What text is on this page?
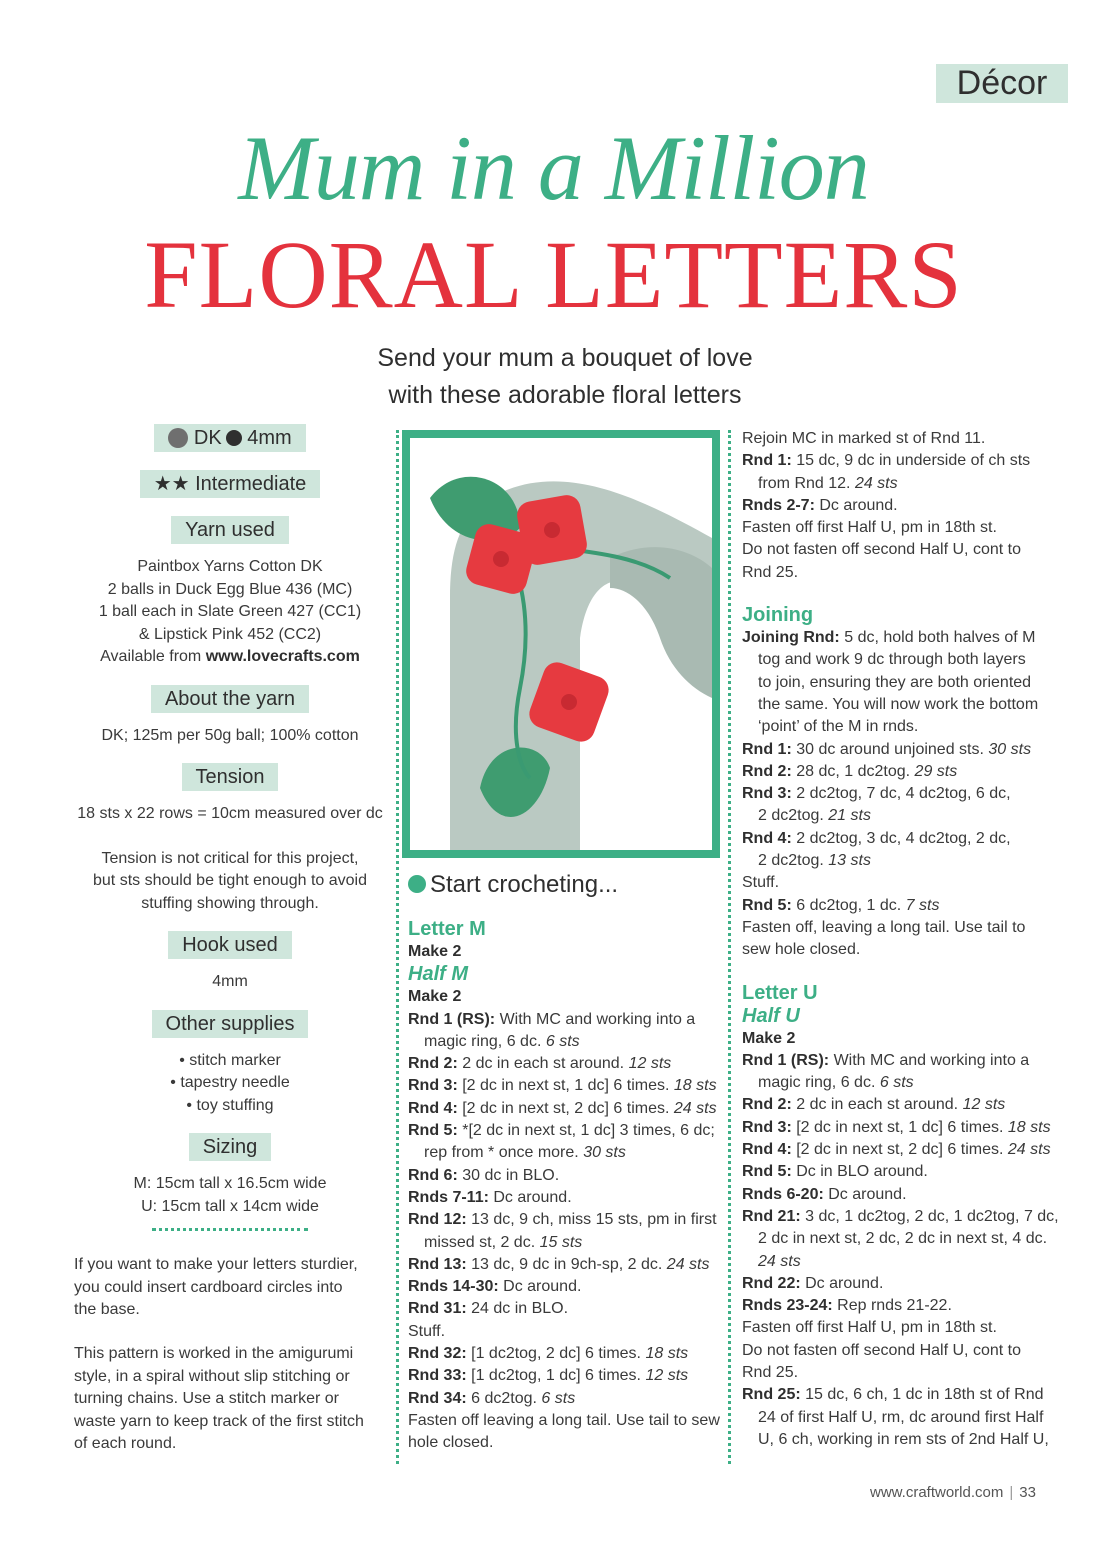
Décor
Mum in a Million
FLORAL LETTERS
Send your mum a bouquet of love
with these adorable floral letters
DK 4mm
★★ Intermediate
Yarn used
Paintbox Yarns Cotton DK
2 balls in Duck Egg Blue 436 (MC)
1 ball each in Slate Green 427 (CC1)
& Lipstick Pink 452 (CC2)
Available from www.lovecrafts.com
About the yarn
DK; 125m per 50g ball; 100% cotton
Tension
18 sts x 22 rows = 10cm measured over dc
Tension is not critical for this project,
but sts should be tight enough to avoid
stuffing showing through.
Hook used
4mm
Other supplies
• stitch marker
• tapestry needle
• toy stuffing
Sizing
M: 15cm tall x 16.5cm wide
U: 15cm tall x 14cm wide
If you want to make your letters sturdier,
you could insert cardboard circles into
the base.
This pattern is worked in the amigurumi
style, in a spiral without slip stitching or
turning chains. Use a stitch marker or
waste yarn to keep track of the first stitch
of each round.
Start crocheting...

Letter M

Make 2

Half M

Make 2

Rnd 1 (RS): With MC and working into a

magic ring, 6 dc. 6 sts

Rnd 2: 2 dc in each st around. 12 sts

Rnd 3: [2 dc in next st, 1 dc] 6 times. 18 sts

Rnd 4: [2 dc in next st, 2 dc] 6 times. 24 sts

Rnd 5: *[2 dc in next st, 1 dc] 3 times, 6 dc;

rep from * once more. 30 sts

Rnd 6: 30 dc in BLO.

Rnds 7-11: Dc around.

Rnd 12: 13 dc, 9 ch, miss 15 sts, pm in first

missed st, 2 dc. 15 sts

Rnd 13: 13 dc, 9 dc in 9ch-sp, 2 dc. 24 sts

Rnds 14-30: Dc around.

Rnd 31: 24 dc in BLO.

Stuff.

Rnd 32: [1 dc2tog, 2 dc] 6 times. 18 sts

Rnd 33: [1 dc2tog, 1 dc] 6 times. 12 sts

Rnd 34: 6 dc2tog. 6 sts

Fasten off leaving a long tail. Use tail to sew

hole closed.

Rejoin MC in marked st of Rnd 11.

Rnd 1: 15 dc, 9 dc in underside of ch sts

from Rnd 12. 24 sts

Rnds 2-7: Dc around.

Fasten off first Half U, pm in 18th st.

Do not fasten off second Half U, cont to

Rnd 25.

Joining

Joining Rnd: 5 dc, hold both halves of M

tog and work 9 dc through both layers

to join, ensuring they are both oriented

the same. You will now work the bottom

‘point’ of the M in rnds.

Rnd 1: 30 dc around unjoined sts. 30 sts

Rnd 2: 28 dc, 1 dc2tog. 29 sts

Rnd 3: 2 dc2tog, 7 dc, 4 dc2tog, 6 dc,

2 dc2tog. 21 sts

Rnd 4: 2 dc2tog, 3 dc, 4 dc2tog, 2 dc,

2 dc2tog. 13 sts

Stuff.

Rnd 5: 6 dc2tog, 1 dc. 7 sts

Fasten off, leaving a long tail. Use tail to

sew hole closed.

Letter U

Half U

Make 2

Rnd 1 (RS): With MC and working into a

magic ring, 6 dc. 6 sts

Rnd 2: 2 dc in each st around. 12 sts

Rnd 3: [2 dc in next st, 1 dc] 6 times. 18 sts

Rnd 4: [2 dc in next st, 2 dc] 6 times. 24 sts

Rnd 5: Dc in BLO around.

Rnds 6-20: Dc around.

Rnd 21: 3 dc, 1 dc2tog, 2 dc, 1 dc2tog, 7 dc,

2 dc in next st, 2 dc, 2 dc in next st, 4 dc.

24 sts

Rnd 22: Dc around.

Rnds 23-24: Rep rnds 21-22.

Fasten off first Half U, pm in 18th st.

Do not fasten off second Half U, cont to

Rnd 25.

Rnd 25: 15 dc, 6 ch, 1 dc in 18th st of Rnd

24 of first Half U, rm, dc around first Half

U, 6 ch, working in rem sts of 2nd Half U,

www.craftworld.com | 33
